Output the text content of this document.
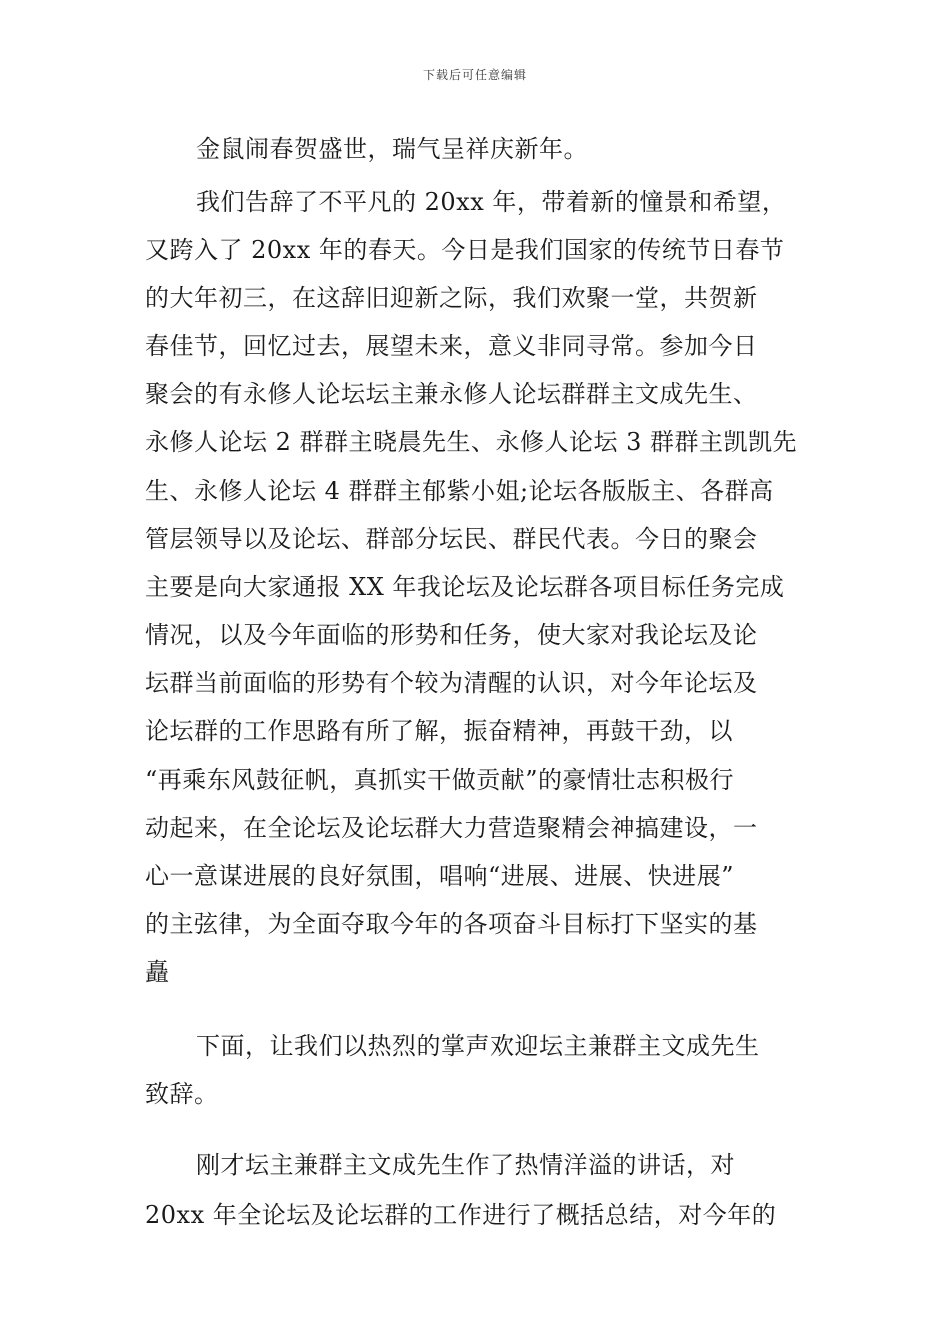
下载后可任意编辑
金鼠闹春贺盛世，瑞气呈祥庆新年。
我们告辞了不平凡的 20xx 年，带着新的憧景和希望，
又跨入了 20xx 年的春天。今日是我们国家的传统节日春节
的大年初三，在这辞旧迎新之际，我们欢聚一堂，共贺新
春佳节，回忆过去，展望未来，意义非同寻常。参加今日
聚会的有永修人论坛坛主兼永修人论坛群群主文成先生、
永修人论坛 2 群群主晓晨先生、永修人论坛 3 群群主凯凯先
生、永修人论坛 4 群群主郁紫小姐;论坛各版版主、各群高
管层领导以及论坛、群部分坛民、群民代表。今日的聚会
主要是向大家通报 XX 年我论坛及论坛群各项目标任务完成
情况，以及今年面临的形势和任务，使大家对我论坛及论
坛群当前面临的形势有个较为清醒的认识，对今年论坛及
论坛群的工作思路有所了解，振奋精神，再鼓干劲，以
“再乘东风鼓征帆，真抓实干做贡献”的豪情壮志积极行
动起来，在全论坛及论坛群大力营造聚精会神搞建设，一
心一意谋进展的良好氛围，唱响“进展、进展、快进展”
的主弦律，为全面夺取今年的各项奋斗目标打下坚实的基
矗
下面，让我们以热烈的掌声欢迎坛主兼群主文成先生
致辞。
刚才坛主兼群主文成先生作了热情洋溢的讲话，对
20xx 年全论坛及论坛群的工作进行了概括总结，对今年的
